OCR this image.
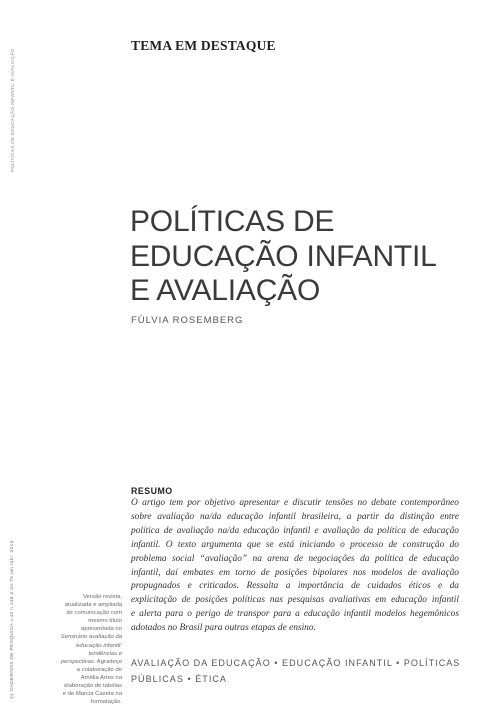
POLÍTICAS DE EDUCAÇÃO INFANTIL E AVALIAÇÃO
44 CADERNOS DE PESQUISA v.43 n.148 p.44-75 jan./abr. 2013
TEMA EM DESTAQUE
POLÍTICAS DE
EDUCAÇÃO INFANTIL
E AVALIAÇÃO
FÚLVIA ROSEMBERG
Versão revista, atualizada e ampliada de comunicação com mesmo título apresentada no Seminário avaliação da educação infantil: tendências e perspectivas. Agradeço a colaboração de Amélia Artes na elaboração de tabelas e de Marcia Caxeta na formatação.
RESUMO
O artigo tem por objetivo apresentar e discutir tensões no debate contemporâneo
sobre avaliação na/da educação infantil brasileira, a partir da distinção entre
política de avaliação na/da educação infantil e avaliação da política de educação
infantil. O texto argumenta que se está iniciando o processo de construção do
problema social “avaliação” na arena de negociações da política de educação
infantil, daí embates em torno de posições bipolares nos modelos de avaliação
propugnados e criticados. Ressalta a importância de cuidados éticos e da
explicitação de posições políticas nas pesquisas avaliativas em educação infantil
e alerta para o perigo de transpor para a educação infantil modelos hegemônicos
adotados no Brasil para outras etapas de ensino.
AVALIAÇÃO DA EDUCAÇÃO • EDUCAÇÃO INFANTIL • POLÍTICAS
PÚBLICAS • ÉTICA
